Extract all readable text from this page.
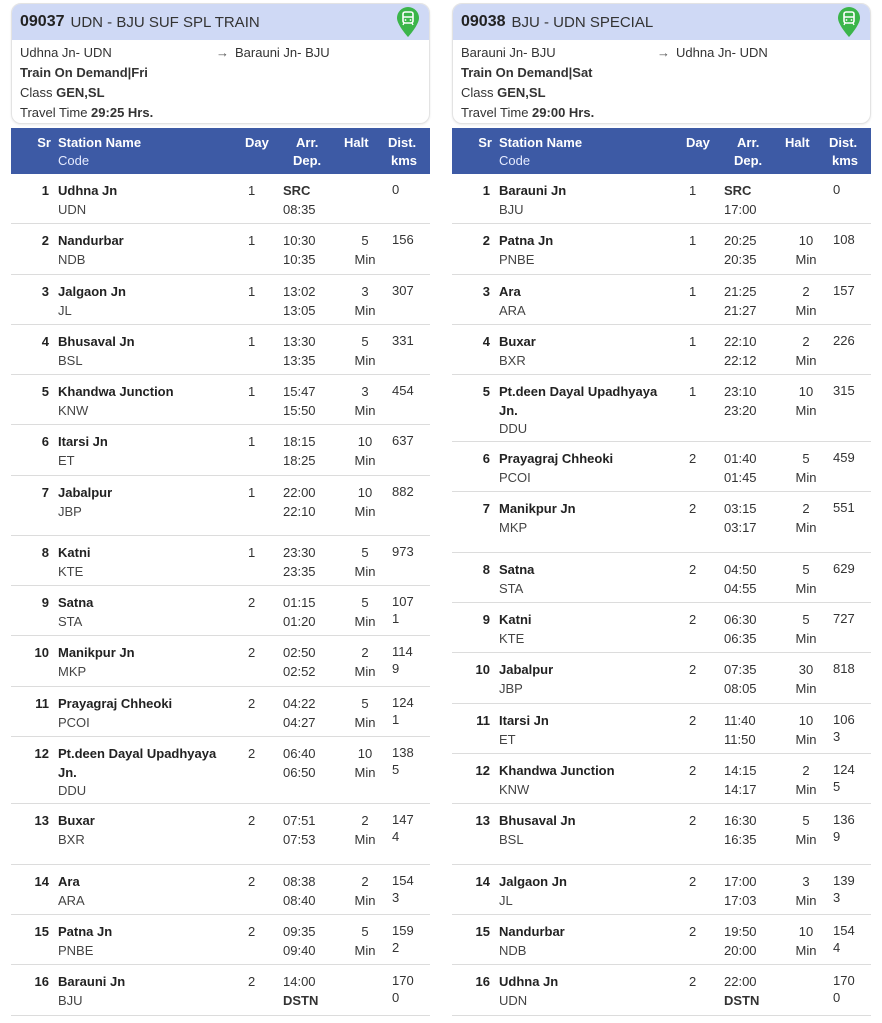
09037 UDN - BJU SUF SPL TRAIN
Udhna Jn- UDN	→ Barauni Jn- BJU
Train On Demand|Fri
Class GEN,SL
Travel Time 29:25 Hrs.
Sr Station Name
Code
Day Arr.
Dep.
Halt Dist.
kms
1 Udhna Jn
UDN
1 SRC
08:35

0
2 Nandurbar
NDB
1 10:30
10:35
5
Min
156
3 Jalgaon Jn
JL
1 13:02
13:05
3
Min
307
4 Bhusaval Jn
BSL
1 13:30
13:35
5
Min
331
5 Khandwa Junction
KNW
1 15:47
15:50
3
Min
454
6 Itarsi Jn
ET
1 18:15
18:25
10
Min
637
7 Jabalpur
JBP
1 22:00
22:10
10
Min
882
8 Katni
KTE
1 23:30
23:35
5
Min
973
9 Satna
STA
2 01:15
01:20
5
Min
107
1
10 Manikpur Jn
MKP
2 02:50
02:52
2
Min
114
9
11 Prayagraj Chheoki
PCOI
2 04:22
04:27
5
Min
124
1
12 Pt.deen Dayal Upadhyaya Jn.
DDU
2 06:40
06:50
10
Min
138
5
13 Buxar
BXR
2 07:51
07:53
2
Min
147
4
14 Ara
ARA
2 08:38
08:40
2
Min
154
3
15 Patna Jn
PNBE
2 09:35
09:40
5
Min
159
2
16 Barauni Jn
BJU
2 14:00
DSTN

170
0
09038 BJU - UDN SPECIAL
Barauni Jn- BJU	→ Udhna Jn- UDN
Train On Demand|Sat
Class GEN,SL
Travel Time 29:00 Hrs.
Sr Station Name
Code
Day Arr.
Dep.
Halt Dist.
kms
1 Barauni Jn
BJU
1 SRC
17:00

0
2 Patna Jn
PNBE
1 20:25
20:35
10
Min
108
3 Ara
ARA
1 21:25
21:27
2
Min
157
4 Buxar
BXR
1 22:10
22:12
2
Min
226
5 Pt.deen Dayal Upadhyaya Jn.
DDU
1 23:10
23:20
10
Min
315
6 Prayagraj Chheoki
PCOI
2 01:40
01:45
5
Min
459
7 Manikpur Jn
MKP
2 03:15
03:17
2
Min
551
8 Satna
STA
2 04:50
04:55
5
Min
629
9 Katni
KTE
2 06:30
06:35
5
Min
727
10 Jabalpur
JBP
2 07:35
08:05
30
Min
818
11 Itarsi Jn
ET
2 11:40
11:50
10
Min
106
3
12 Khandwa Junction
KNW
2 14:15
14:17
2
Min
124
5
13 Bhusaval Jn
BSL
2 16:30
16:35
5
Min
136
9
14 Jalgaon Jn
JL
2 17:00
17:03
3
Min
139
3
15 Nandurbar
NDB
2 19:50
20:00
10
Min
154
4
16 Udhna Jn
UDN
2 22:00
DSTN

170
0
